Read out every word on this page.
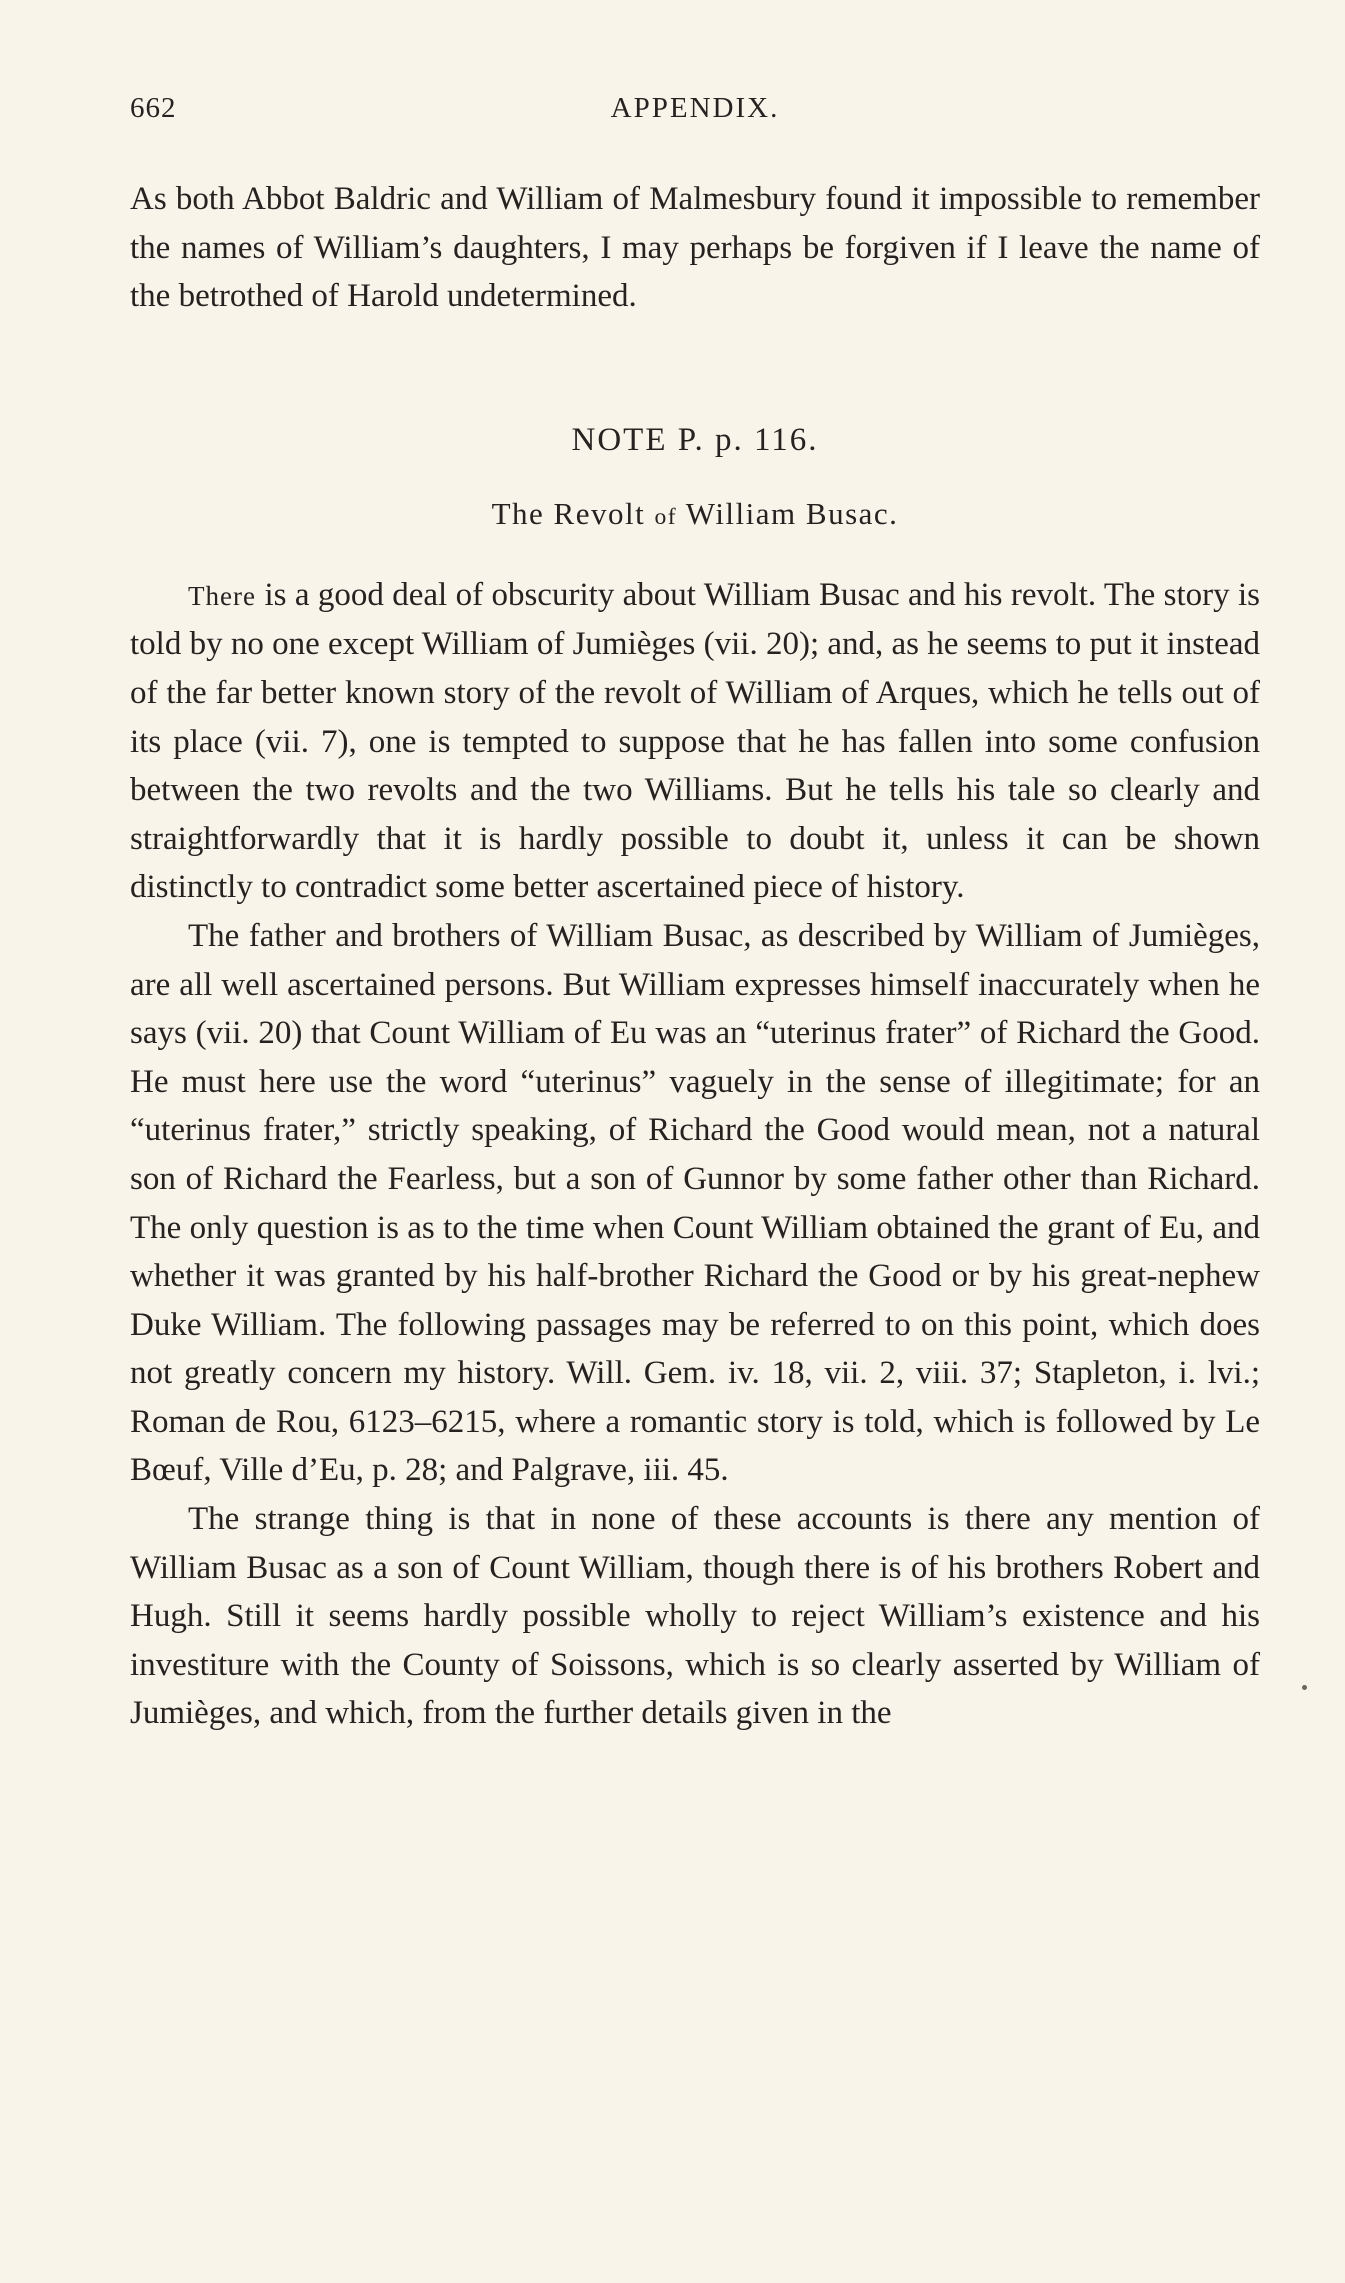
662	APPENDIX.

As both Abbot Baldric and William of Malmesbury found it impossible to remember the names of William’s daughters, I may perhaps be forgiven if I leave the name of the betrothed of Harold undetermined.

NOTE P. p. 116.
The Revolt of William Busac.

There is a good deal of obscurity about William Busac and his revolt. The story is told by no one except William of Jumièges (vii. 20); and, as he seems to put it instead of the far better known story of the revolt of William of Arques, which he tells out of its place (vii. 7), one is tempted to suppose that he has fallen into some confusion between the two revolts and the two Williams. But he tells his tale so clearly and straightforwardly that it is hardly possible to doubt it, unless it can be shown distinctly to contradict some better ascertained piece of history.

The father and brothers of William Busac, as described by William of Jumièges, are all well ascertained persons. But William expresses himself inaccurately when he says (vii. 20) that Count William of Eu was an “uterinus frater” of Richard the Good. He must here use the word “uterinus” vaguely in the sense of illegitimate; for an “uterinus frater,” strictly speaking, of Richard the Good would mean, not a natural son of Richard the Fearless, but a son of Gunnor by some father other than Richard. The only question is as to the time when Count William obtained the grant of Eu, and whether it was granted by his half-brother Richard the Good or by his great-nephew Duke William. The following passages may be referred to on this point, which does not greatly concern my history. Will. Gem. iv. 18, vii. 2, viii. 37; Stapleton, i. lvi.; Roman de Rou, 6123–6215, where a romantic story is told, which is followed by Le Bœuf, Ville d’Eu, p. 28; and Palgrave, iii. 45.

The strange thing is that in none of these accounts is there any mention of William Busac as a son of Count William, though there is of his brothers Robert and Hugh. Still it seems hardly possible wholly to reject William’s existence and his investiture with the County of Soissons, which is so clearly asserted by William of Jumièges, and which, from the further details given in the
